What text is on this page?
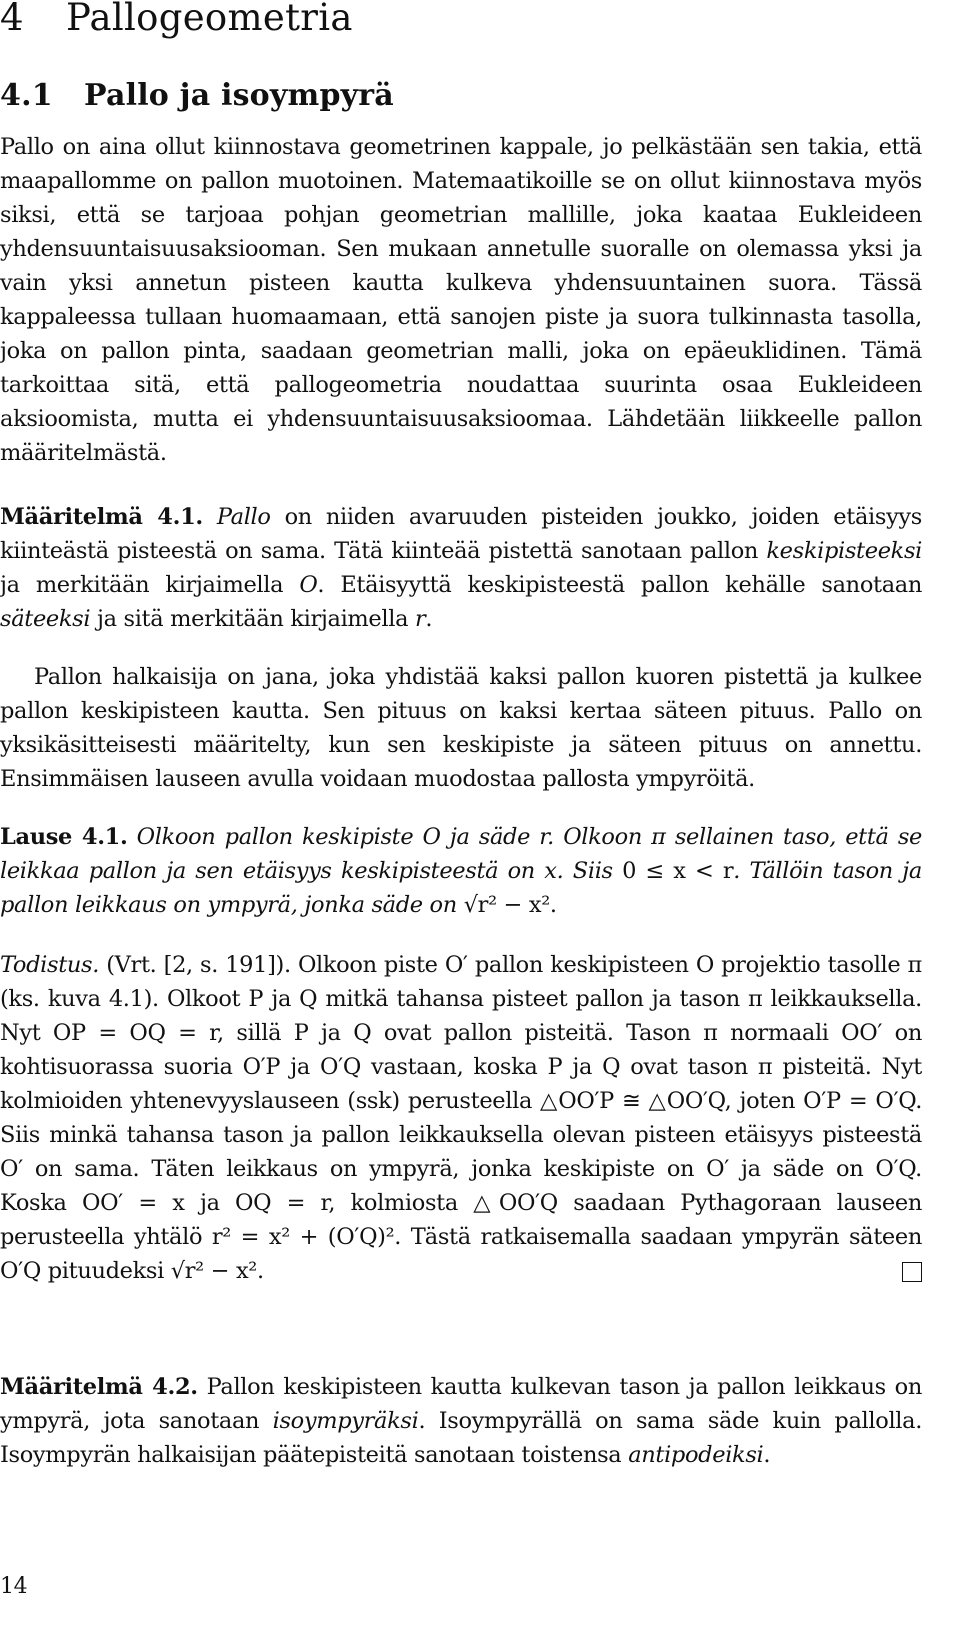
4 Pallogeometria
4.1 Pallo ja isoympyrä

Pallo on aina ollut kiinnostava geometrinen kappale, jo pelkästään sen takia, että maapallomme on pallon muotoinen. Matemaatikoille se on ollut kiinnostava myös siksi, että se tarjoaa pohjan geometrian mallille, joka kaataa Eukleideen yhdensuuntaisuusaksiooman. Sen mukaan annetulle suoralle on olemassa yksi ja vain yksi annetun pisteen kautta kulkeva yhdensuuntainen suora. Tässä kappaleessa tullaan huomaamaan, että sanojen piste ja suora tulkinnasta tasolla, joka on pallon pinta, saadaan geometrian malli, joka on epäeuklidinen. Tämä tarkoittaa sitä, että pallogeometria noudattaa suurinta osaa Eukleideen aksioomista, mutta ei yhdensuuntaisuusaksioomaa. Lähdetään liikkeelle pallon määritelmästä.

Määritelmä 4.1. Pallo on niiden avaruuden pisteiden joukko, joiden etäisyys kiinteästä pisteestä on sama. Tätä kiinteää pistettä sanotaan pallon keskipisteeksi ja merkitään kirjaimella O. Etäisyyttä keskipisteestä pallon kehälle sanotaan säteeksi ja sitä merkitään kirjaimella r.

Pallon halkaisija on jana, joka yhdistää kaksi pallon kuoren pistettä ja kulkee pallon keskipisteen kautta. Sen pituus on kaksi kertaa säteen pituus. Pallo on yksikäsitteisesti määritelty, kun sen keskipiste ja säteen pituus on annettu. Ensimmäisen lauseen avulla voidaan muodostaa pallosta ympyröitä.

Lause 4.1. Olkoon pallon keskipiste O ja säde r. Olkoon π sellainen taso, että se leikkaa pallon ja sen etäisyys keskipisteestä on x. Siis 0 ≤ x < r. Tällöin tason ja pallon leikkaus on ympyrä, jonka säde on √r² − x².

Todistus. (Vrt. [2, s. 191]). Olkoon piste O′ pallon keskipisteen O projektio tasolle π (ks. kuva 4.1). Olkoot P ja Q mitkä tahansa pisteet pallon ja tason π leikkauksella. Nyt OP = OQ = r, sillä P ja Q ovat pallon pisteitä. Tason π normaali OO′ on kohtisuorassa suoria O′P ja O′Q vastaan, koska P ja Q ovat tason π pisteitä. Nyt kolmioiden yhtenevyyslauseen (ssk) perusteella △OO′P ≅ △OO′Q, joten O′P = O′Q. Siis minkä tahansa tason ja pallon leikkauksella olevan pisteen etäisyys pisteestä O′ on sama. Täten leikkaus on ympyrä, jonka keskipiste on O′ ja säde on O′Q. Koska OO′ = x ja OQ = r, kolmiosta △OO′Q saadaan Pythagoraan lauseen perusteella yhtälö r² = x² + (O′Q)². Tästä ratkaisemalla saadaan ympyrän säteen O′Q pituudeksi √r² − x².

Määritelmä 4.2. Pallon keskipisteen kautta kulkevan tason ja pallon leikkaus on ympyrä, jota sanotaan isoympyräksi. Isoympyrällä on sama säde kuin pallolla. Isoympyrän halkaisijan päätepisteitä sanotaan toistensa antipodeiksi.

14
